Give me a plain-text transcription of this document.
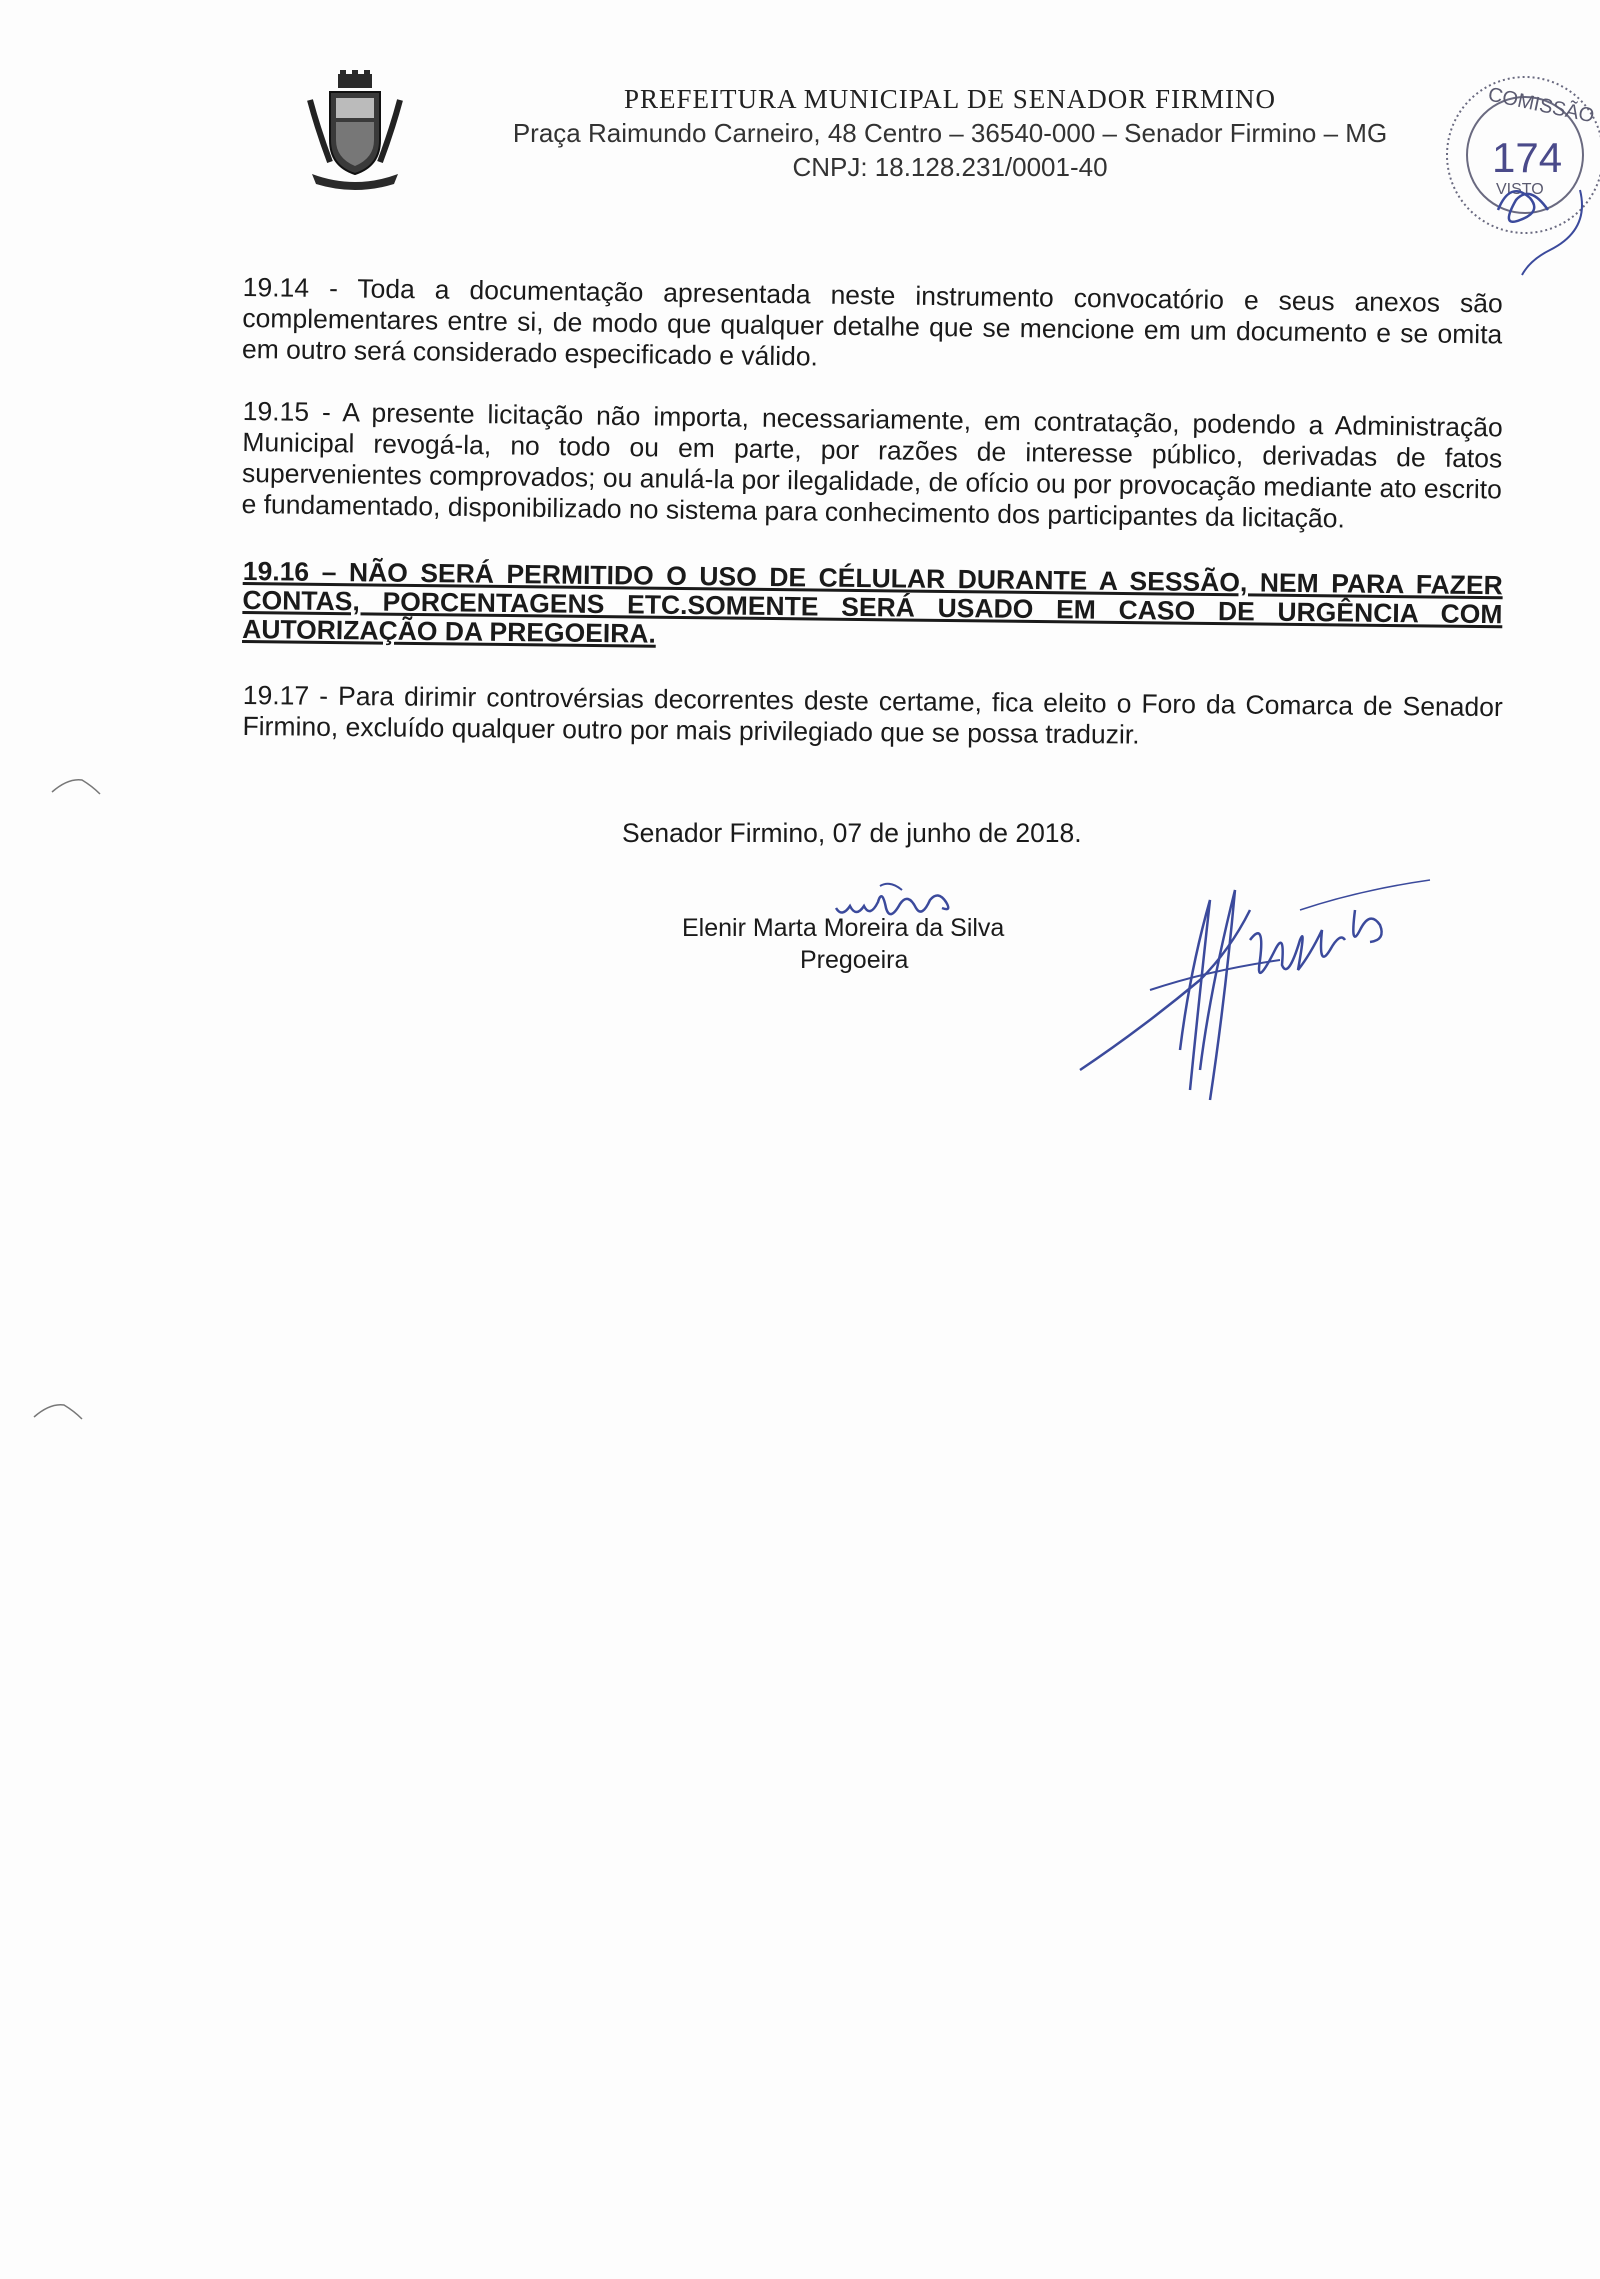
PREFEITURA MUNICIPAL DE SENADOR FIRMINO

Praça Raimundo Carneiro, 48 Centro – 36540-000 – Senador Firmino – MG

CNPJ: 18.128.231/0001-40

COMISSÃO
174
VISTO
19.14 - Toda a documentação apresentada neste instrumento convocatório e seus anexos são complementares entre si, de modo que qualquer detalhe que se mencione em um documento e se omita em outro será considerado especificado e válido.
19.15 - A presente licitação não importa, necessariamente, em contratação, podendo a Administração Municipal revogá-la, no todo ou em parte, por razões de interesse público, derivadas de fatos supervenientes comprovados; ou anulá-la por ilegalidade, de ofício ou por provocação mediante ato escrito e fundamentado, disponibilizado no sistema para conhecimento dos participantes da licitação.
19.16 – NÃO SERÁ PERMITIDO O USO DE CÉLULAR DURANTE A SESSÃO, NEM PARA FAZER CONTAS, PORCENTAGENS ETC.SOMENTE SERÁ USADO EM CASO DE URGÊNCIA COM AUTORIZAÇÃO DA PREGOEIRA.
19.17 - Para dirimir controvérsias decorrentes deste certame, fica eleito o Foro da Comarca de Senador Firmino, excluído qualquer outro por mais privilegiado que se possa traduzir.
Senador Firmino, 07 de junho de 2018.
Elenir Marta Moreira da Silva
Pregoeira
